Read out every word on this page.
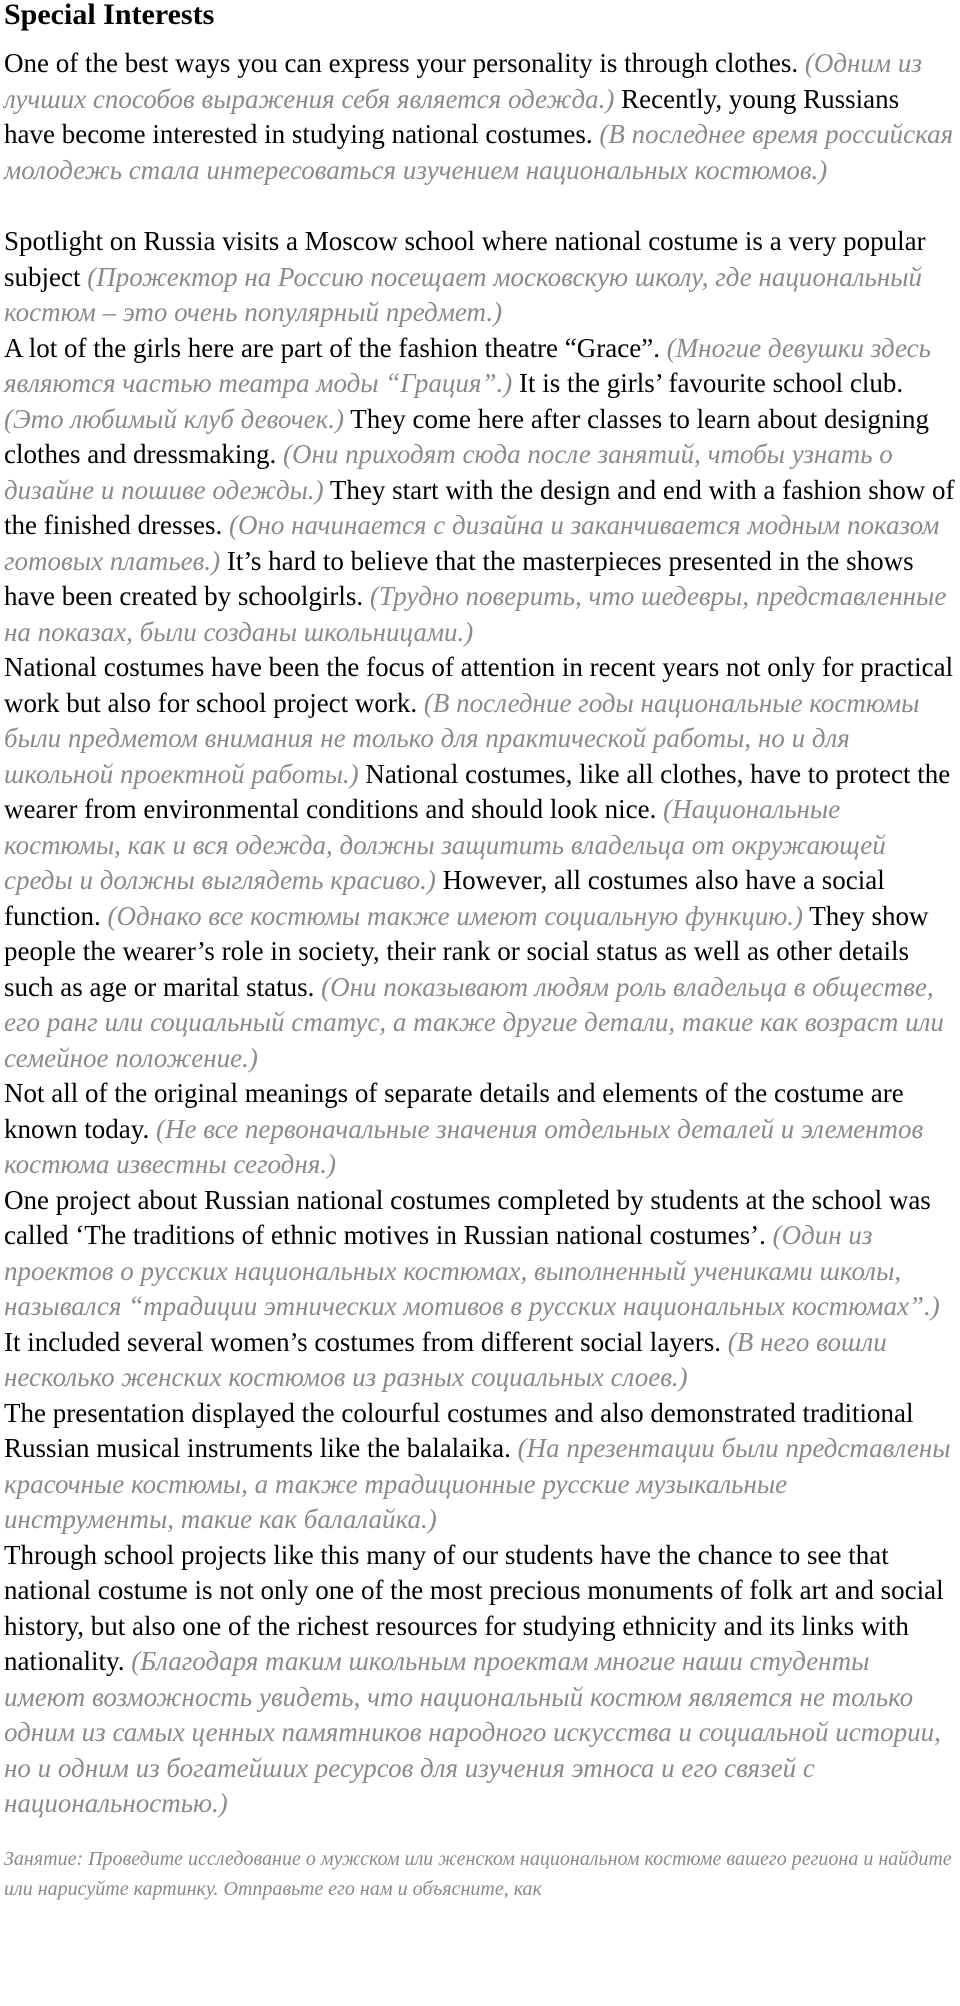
Special Interests

One of the best ways you can express your personality is through clothes. (Одним из лучших способов выражения себя является одежда.) Recently, young Russians have become interested in studying national costumes. (В последнее время российская молодежь стала интересоваться изучением национальных костюмов.)

Spotlight on Russia visits a Moscow school where national costume is a very popular subject (Прожектор на Россию посещает московскую школу, где национальный костюм – это очень популярный предмет.)

A lot of the girls here are part of the fashion theatre “Grace”. (Многие девушки здесь являются частью театра моды “Грация”.) It is the girls’ favourite school club. (Это любимый клуб девочек.) They come here after classes to learn about designing clothes and dressmaking. (Они приходят сюда после занятий, чтобы узнать о дизайне и пошиве одежды.) They start with the design and end with a fashion show of the finished dresses. (Оно начинается с дизайна и заканчивается модным показом готовых платьев.) It’s hard to believe that the masterpieces presented in the shows have been created by schoolgirls. (Трудно поверить, что шедевры, представленные на показах, были созданы школьницами.)

National costumes have been the focus of attention in recent years not only for practical work but also for school project work. (В последние годы национальные костюмы были предметом внимания не только для практической работы, но и для школьной проектной работы.) National costumes, like all clothes, have to protect the wearer from environmental conditions and should look nice. (Национальные костюмы, как и вся одежда, должны защитить владельца от окружающей среды и должны выглядеть красиво.) However, all costumes also have a social function. (Однако все костюмы также имеют социальную функцию.) They show people the wearer’s role in society, their rank or social status as well as other details such as age or marital status. (Они показывают людям роль владельца в обществе, его ранг или социальный статус, а также другие детали, такие как возраст или семейное положение.)

Not all of the original meanings of separate details and elements of the costume are known today. (Не все первоначальные значения отдельных деталей и элементов костюма известны сегодня.)

One project about Russian national costumes completed by students at the school was called ‘The traditions of ethnic motives in Russian national costumes’. (Один из проектов о русских национальных костюмах, выполненный учениками школы, назывался “традиции этнических мотивов в русских национальных костюмах”.) It included several women’s costumes from different social layers. (В него вошли несколько женских костюмов из разных социальных слоев.)

The presentation displayed the colourful costumes and also demonstrated traditional Russian musical instruments like the balalaika. (На презентации были представлены красочные костюмы, а также традиционные русские музыкальные инструменты, такие как балалайка.)

Through school projects like this many of our students have the chance to see that national costume is not only one of the most precious monuments of folk art and social history, but also one of the richest resources for studying ethnicity and its links with nationality. (Благодаря таким школьным проектам многие наши студенты имеют возможность увидеть, что национальный костюм является не только одним из самых ценных памятников народного искусства и социальной истории, но и одним из богатейших ресурсов для изучения этноса и его связей с национальностью.)

Занятие: Проведите исследование о мужском или женском национальном костюме вашего региона и найдите или нарисуйте картинку. Отправьте его нам и объясните, как
